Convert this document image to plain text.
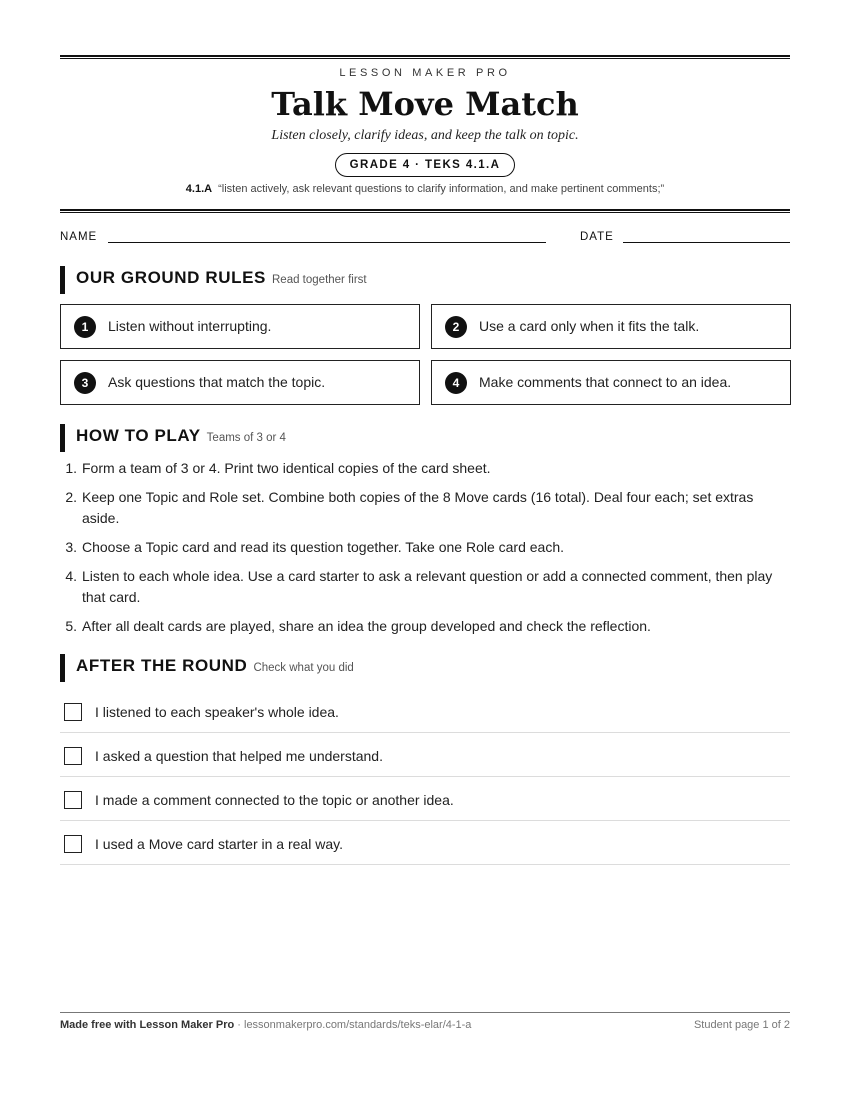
LESSON MAKER PRO
Talk Move Match
Listen closely, clarify ideas, and keep the talk on topic.
GRADE 4 · TEKS 4.1.A
4.1.A “listen actively, ask relevant questions to clarify information, and make pertinent comments;”
NAME	DATE
OUR GROUND RULES Read together first
1	Listen without interrupting.	2	Use a card only when it fits the talk.
3	Ask questions that match the topic.	4	Make comments that connect to an idea.
HOW TO PLAY Teams of 3 or 4
1. Form a team of 3 or 4. Print two identical copies of the card sheet.
2. Keep one Topic and Role set. Combine both copies of the 8 Move cards (16 total). Deal four each; set extras aside.
3. Choose a Topic card and read its question together. Take one Role card each.
4. Listen to each whole idea. Use a card starter to ask a relevant question or add a connected comment, then play that card.
5. After all dealt cards are played, share an idea the group developed and check the reflection.
AFTER THE ROUND Check what you did
I listened to each speaker's whole idea.
I asked a question that helped me understand.
I made a comment connected to the topic or another idea.
I used a Move card starter in a real way.
Made free with Lesson Maker Pro · lessonmakerpro.com/standards/teks-elar/4-1-a	Student page 1 of 2
